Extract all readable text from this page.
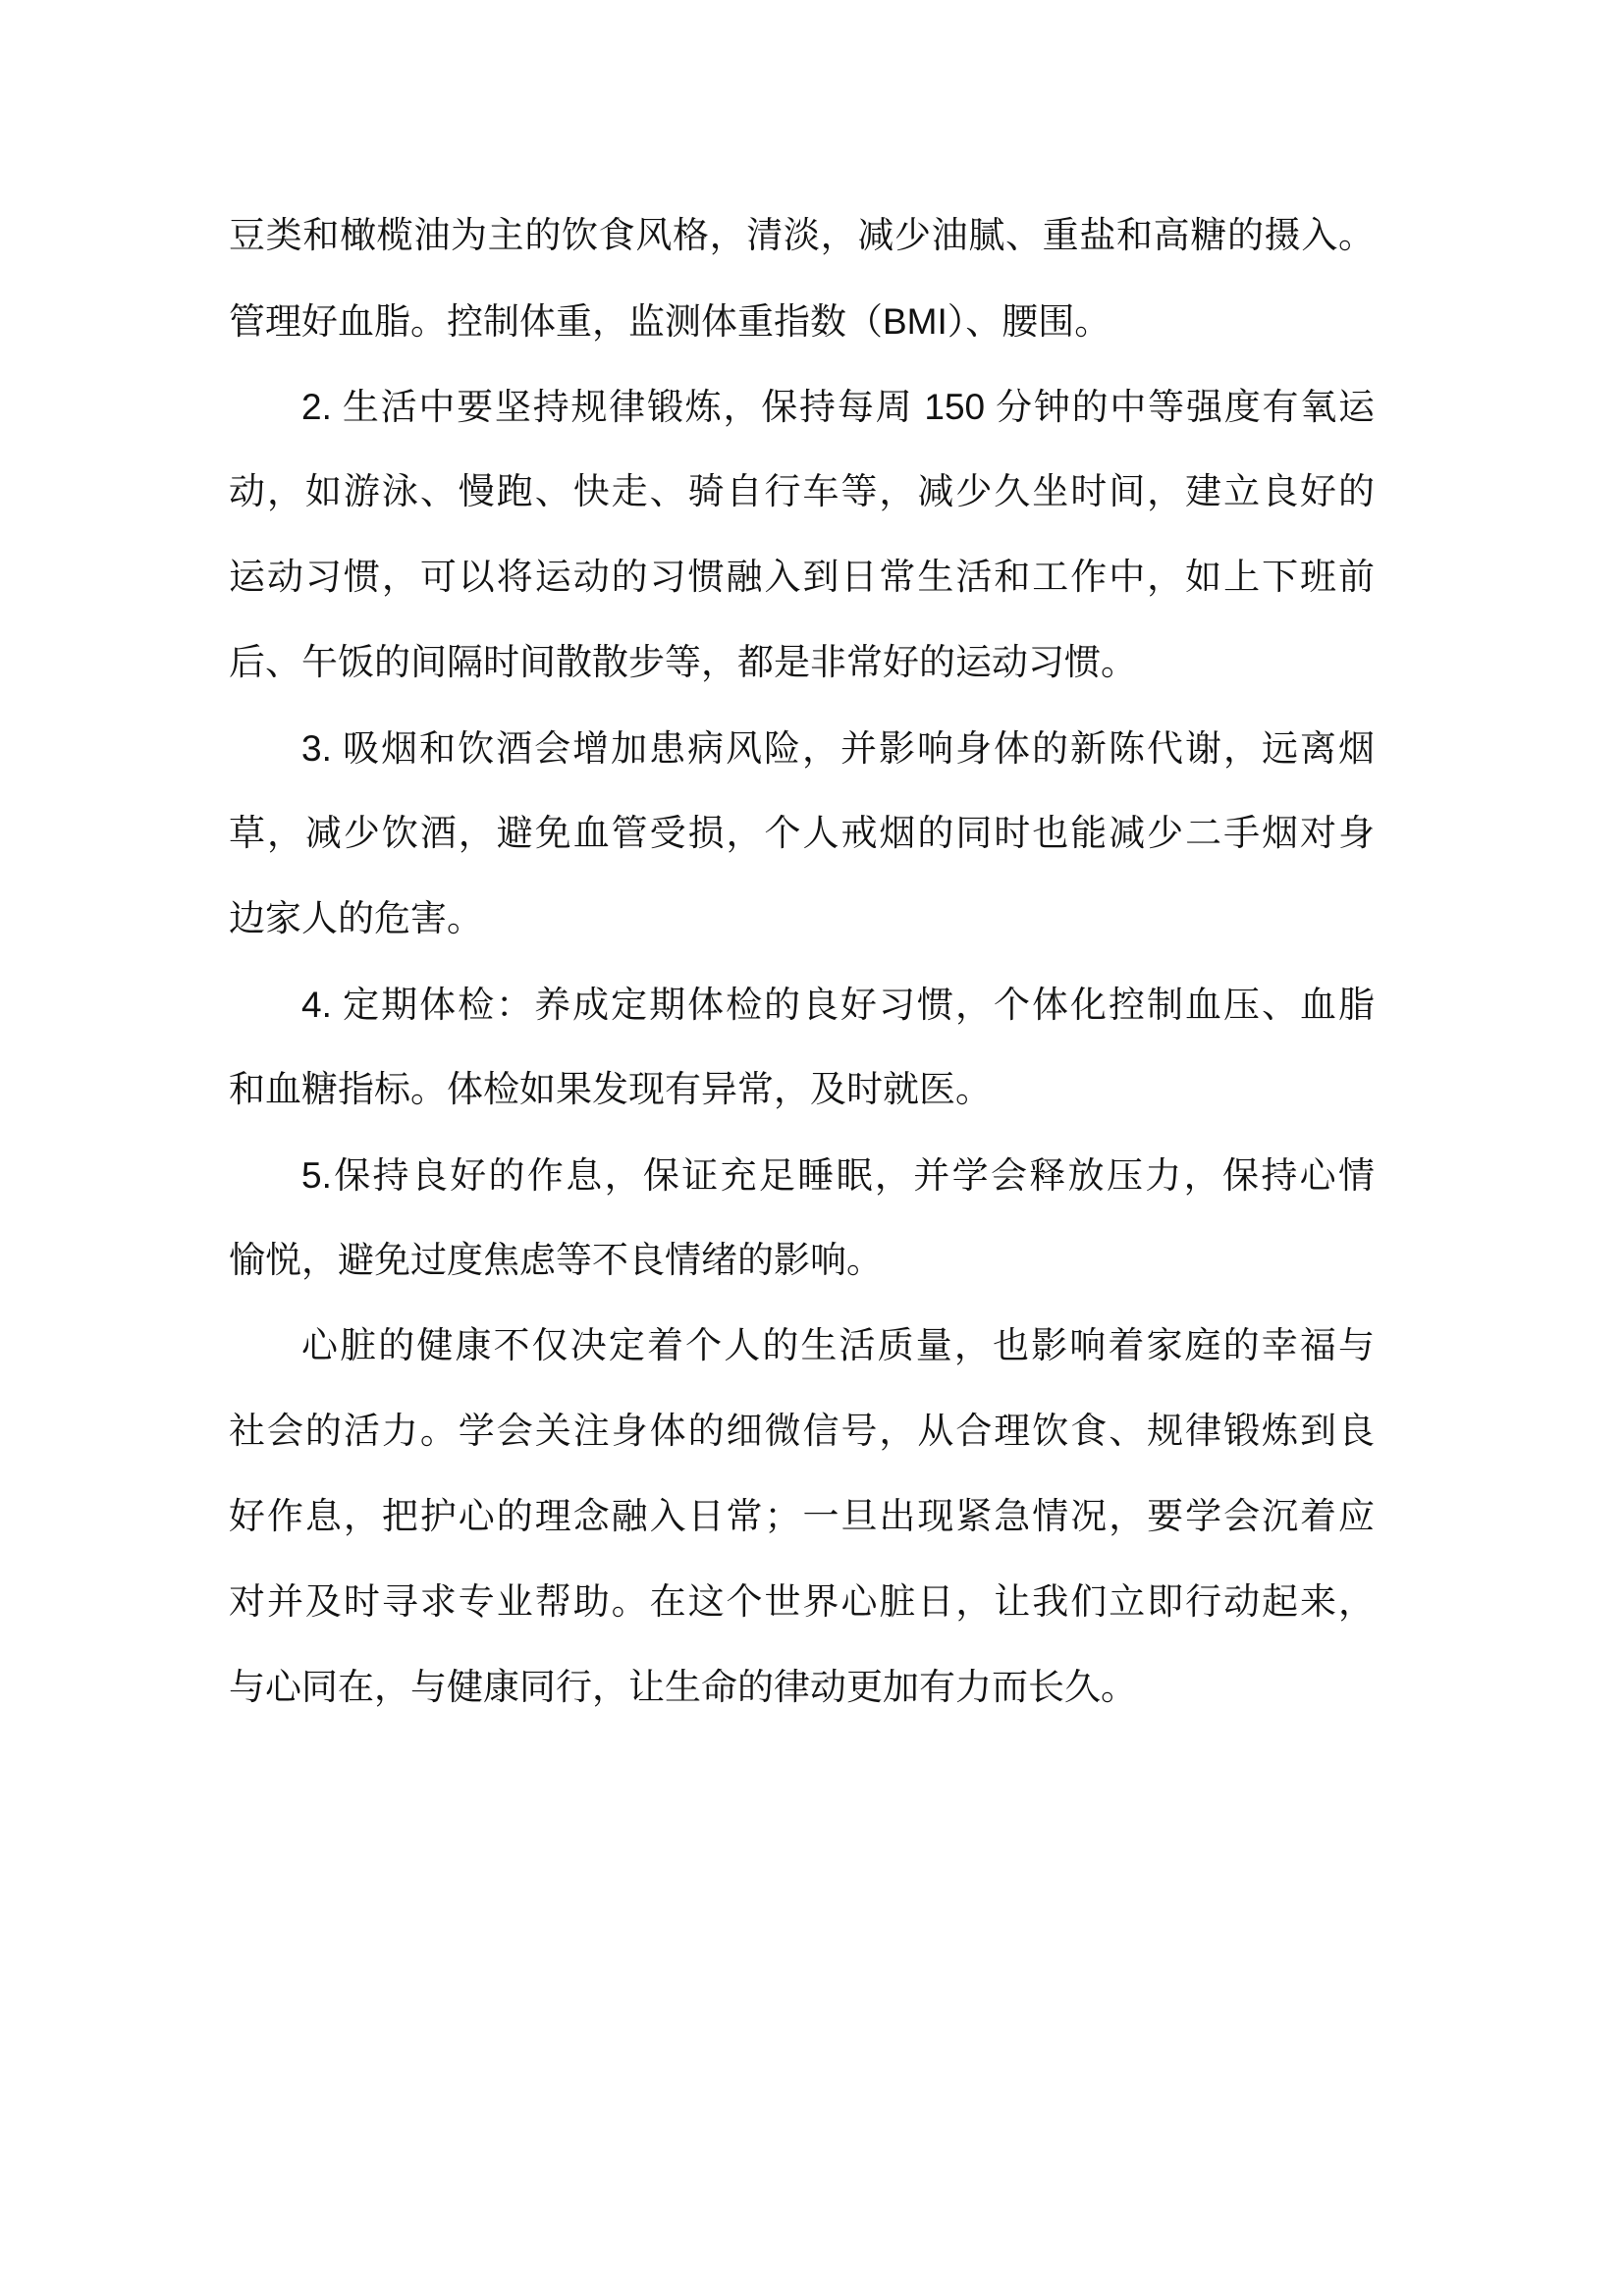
豆类和橄榄油为主的饮食风格，清淡，减少油腻、重盐和高糖的摄入。
管理好血脂。控制体重，监测体重指数（BMI）、腰围。
2. 生活中要坚持规律锻炼，保持每周 150 分钟的中等强度有氧运
动，如游泳、慢跑、快走、骑自行车等，减少久坐时间，建立良好的
运动习惯，可以将运动的习惯融入到日常生活和工作中，如上下班前
后、午饭的间隔时间散散步等，都是非常好的运动习惯。
3. 吸烟和饮酒会增加患病风险，并影响身体的新陈代谢，远离烟
草，减少饮酒，避免血管受损，个人戒烟的同时也能减少二手烟对身
边家人的危害。
4. 定期体检：养成定期体检的良好习惯，个体化控制血压、血脂
和血糖指标。体检如果发现有异常，及时就医。
5.保持良好的作息，保证充足睡眠，并学会释放压力，保持心情
愉悦，避免过度焦虑等不良情绪的影响。
心脏的健康不仅决定着个人的生活质量，也影响着家庭的幸福与
社会的活力。学会关注身体的细微信号，从合理饮食、规律锻炼到良
好作息，把护心的理念融入日常；一旦出现紧急情况，要学会沉着应
对并及时寻求专业帮助。在这个世界心脏日，让我们立即行动起来，
与心同在，与健康同行，让生命的律动更加有力而长久。
